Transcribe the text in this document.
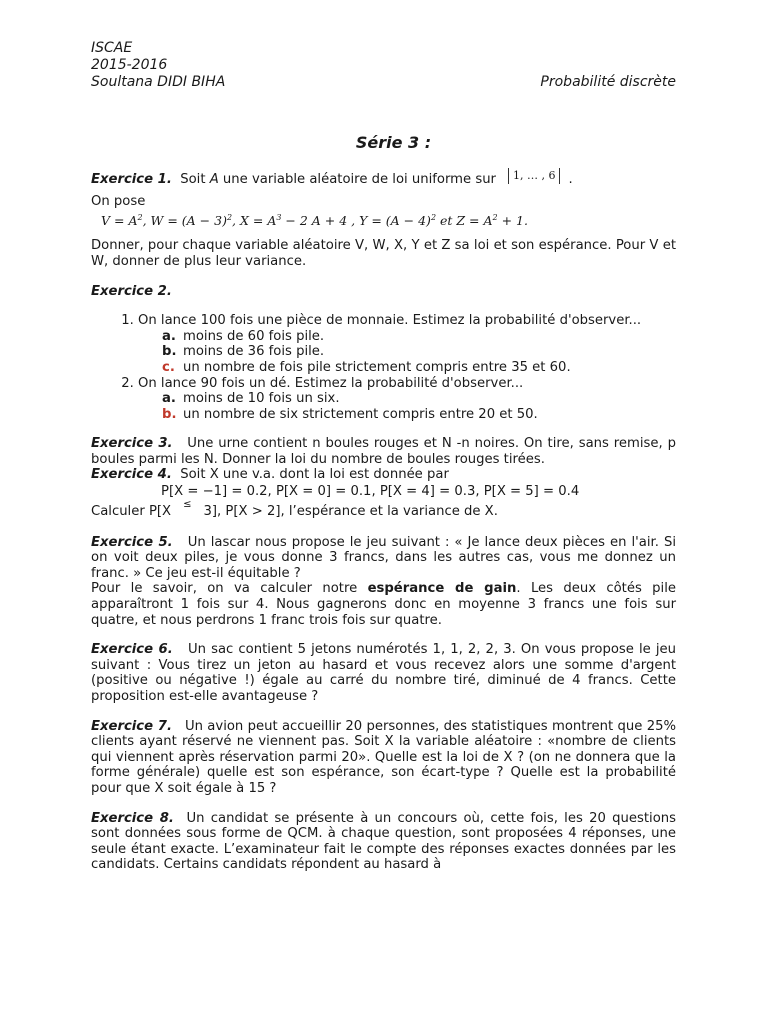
ISCAE
2015-2016
Soultana DIDI BIHA	Probabilité discrète
Série 3 :

Exercice 1. Soit A une variable aléatoire de loi uniforme sur 1, … , 6 .

On pose

$V = A^2$, $W = (A - 3)^2$, $X = A^3 - 2$ A + 4 , $Y = (A - 4)^2$ et $Z = A^2 + 1$.

Donner, pour chaque variable aléatoire V, W, X, Y et Z sa loi et son espérance. Pour V et W, donner de plus leur variance.

Exercice 2.

1. On lance 100 fois une pièce de monnaie. Estimez la probabilité d'observer...
a. moins de 60 fois pile.
b. moins de 36 fois pile.
c. un nombre de fois pile strictement compris entre 35 et 60.
2. On lance 90 fois un dé. Estimez la probabilité d'observer...
a. moins de 10 fois un six.
b. un nombre de six strictement compris entre 20 et 50.

Exercice 3. Une urne contient n boules rouges et N -n noires. On tire, sans remise, p boules parmi les N. Donner la loi du nombre de boules rouges tirées.

Exercice 4. Soit X une v.a. dont la loi est donnée par

P[X = −1] = 0.2, P[X = 0] = 0.1, P[X = 4] = 0.3, P[X = 5] = 0.4

Calculer P[X ≤ 3], P[X > 2], l’espérance et la variance de X.

Exercice 5. Un lascar nous propose le jeu suivant : « Je lance deux pièces en l'air. Si on voit deux piles, je vous donne 3 francs, dans les autres cas, vous me donnez un franc. » Ce jeu est-il équitable ?

Pour le savoir, on va calculer notre espérance de gain. Les deux côtés pile apparaîtront 1 fois sur 4. Nous gagnerons donc en moyenne 3 francs une fois sur quatre, et nous perdrons 1 franc trois fois sur quatre.

Exercice 6. Un sac contient 5 jetons numérotés 1, 1, 2, 2, 3. On vous propose le jeu suivant : Vous tirez un jeton au hasard et vous recevez alors une somme d'argent (positive ou négative !) égale au carré du nombre tiré, diminué de 4 francs. Cette proposition est-elle avantageuse ?

Exercice 7. Un avion peut accueillir 20 personnes, des statistiques montrent que 25% clients ayant réservé ne viennent pas. Soit X la variable aléatoire : «nombre de clients qui viennent après réservation parmi 20». Quelle est la loi de X ? (on ne donnera que la forme générale) quelle est son espérance, son écart-type ? Quelle est la probabilité pour que X soit égale à 15 ?

Exercice 8. Un candidat se présente à un concours où, cette fois, les 20 questions sont données sous forme de QCM. à chaque question, sont proposées 4 réponses, une seule étant exacte. L’examinateur fait le compte des réponses exactes données par les candidats. Certains candidats répondent au hasard à
